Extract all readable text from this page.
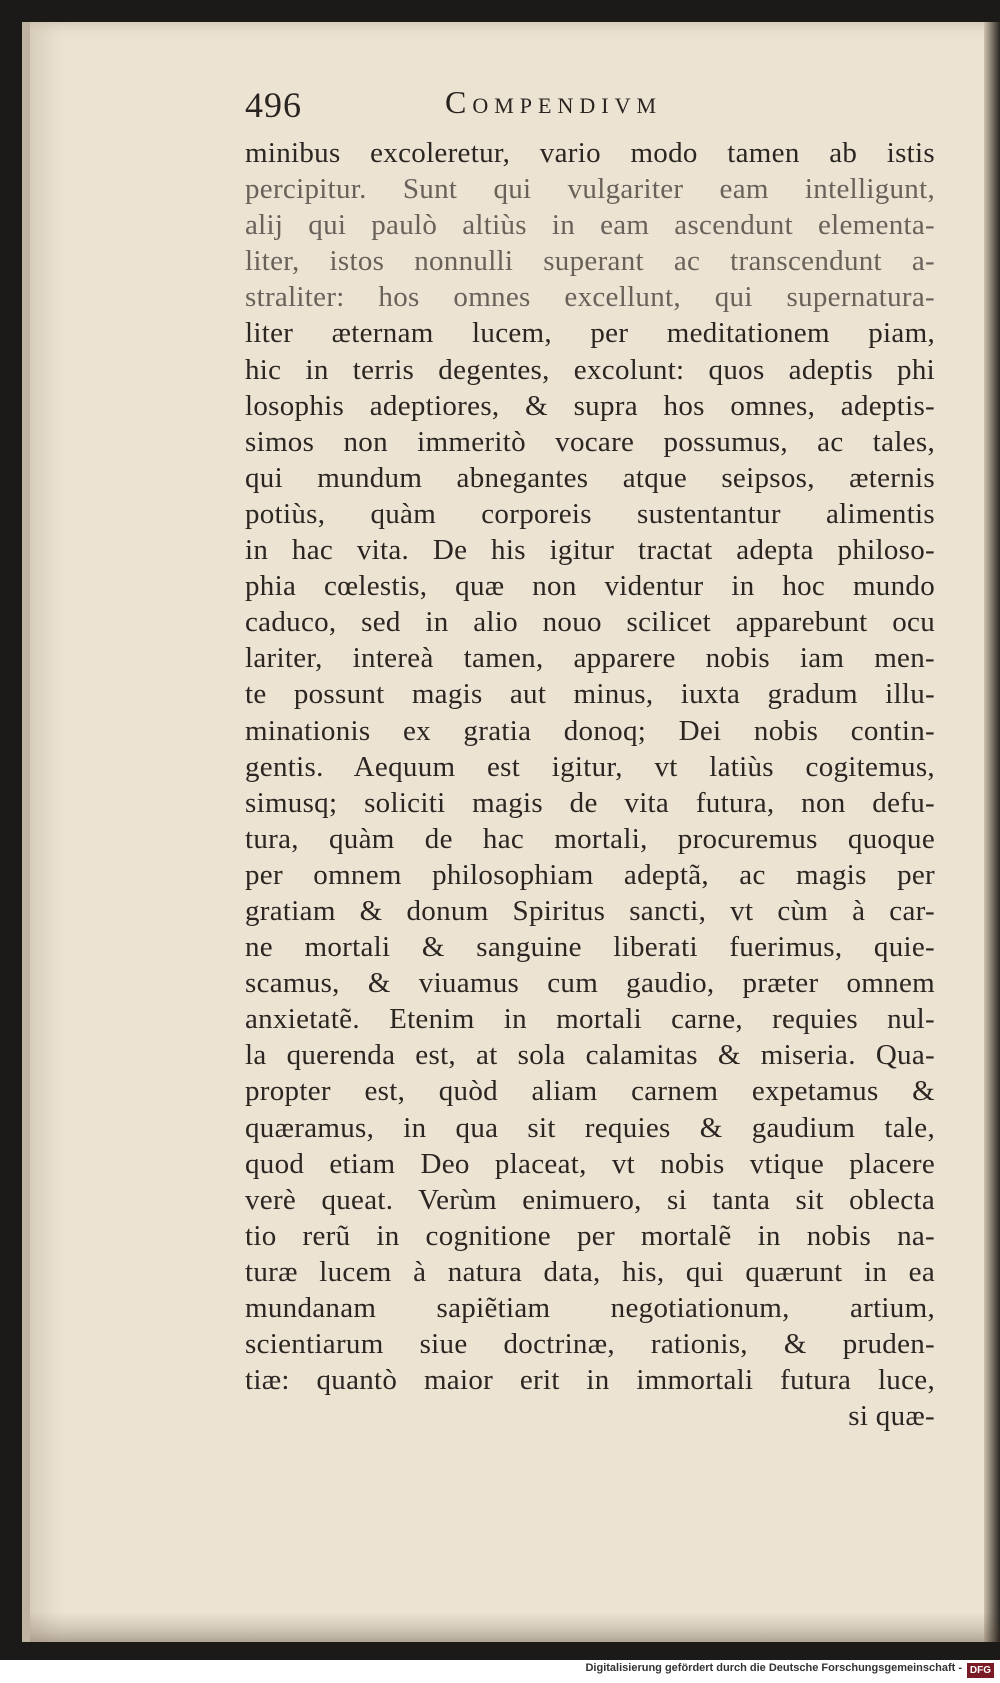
496	Compendivm
minibus excoleretur, vario modo tamen ab istis
percipitur. Sunt qui vulgariter eam intelligunt,
alij qui paulò altiùs in eam ascendunt elementa-
liter, istos nonnulli superant ac transcendunt a-
straliter: hos omnes excellunt, qui supernatura-
liter æternam lucem, per meditationem piam,
hic in terris degentes, excolunt: quos adeptis phi
losophis adeptiores, & supra hos omnes, adeptis-
simos non immeritò vocare possumus, ac tales,
qui mundum abnegantes atque seipsos, æternis
potiùs, quàm corporeis sustentantur alimentis
in hac vita. De his igitur tractat adepta philoso-
phia cœlestis, quæ non videntur in hoc mundo
caduco, sed in alio nouo scilicet apparebunt ocu
lariter, intereà tamen, apparere nobis iam men-
te possunt magis aut minus, iuxta gradum illu-
minationis ex gratia donoq; Dei nobis contin-
gentis. Aequum est igitur, vt latiùs cogitemus,
simusq; soliciti magis de vita futura, non defu-
tura, quàm de hac mortali, procuremus quoque
per omnem philosophiam adeptã, ac magis per
gratiam & donum Spiritus sancti, vt cùm à car-
ne mortali & sanguine liberati fuerimus, quie-
scamus, & viuamus cum gaudio, præter omnem
anxietatẽ. Etenim in mortali carne, requies nul-
la querenda est, at sola calamitas & miseria. Qua-
propter est, quòd aliam carnem expetamus &
quæramus, in qua sit requies & gaudium tale,
quod etiam Deo placeat, vt nobis vtique placere
verè queat. Verùm enimuero, si tanta sit oblecta
tio rerũ in cognitione per mortalẽ in nobis na-
turæ lucem à natura data, his, qui quærunt in ea
mundanam sapiẽtiam negotiationum, artium,
scientiarum siue doctrinæ, rationis, & pruden-
tiæ: quantò maior erit in immortali futura luce,
si quæ-
Digitalisierung gefördert durch die Deutsche Forschungsgemeinschaft - DFG
